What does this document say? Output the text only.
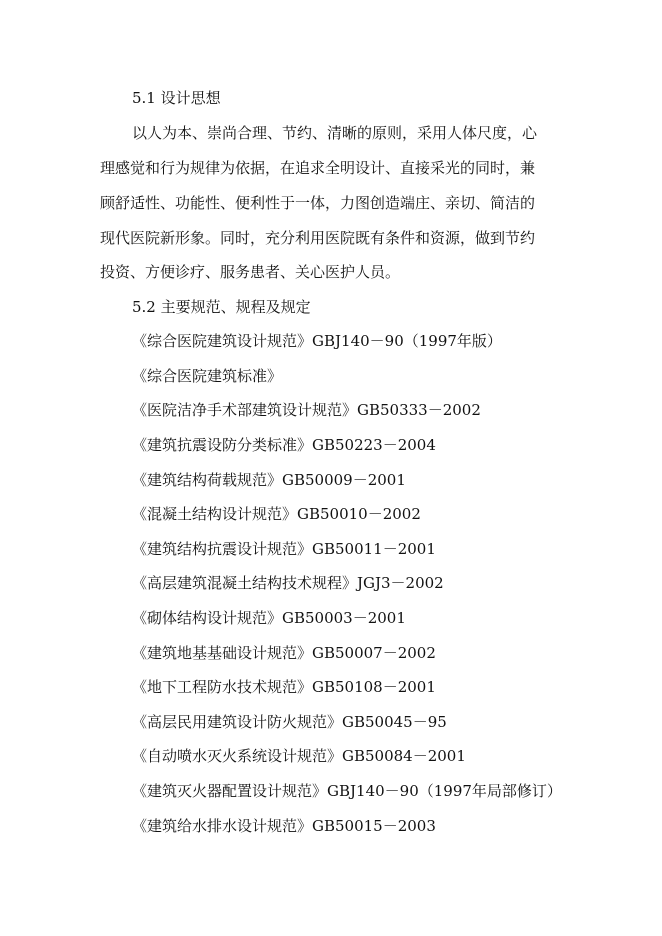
5.1 设计思想
以人为本、崇尚合理、节约、清晰的原则，采用人体尺度，心
理感觉和行为规律为依据，在追求全明设计、直接采光的同时，兼
顾舒适性、功能性、便利性于一体，力图创造端庄、亲切、简洁的
现代医院新形象。同时，充分利用医院既有条件和资源，做到节约
投资、方便诊疗、服务患者、关心医护人员。
5.2 主要规范、规程及规定
《综合医院建筑设计规范》GBJ140－90（1997年版）
《综合医院建筑标准》
《医院洁净手术部建筑设计规范》GB50333－2002
《建筑抗震设防分类标准》GB50223－2004
《建筑结构荷载规范》GB50009－2001
《混凝土结构设计规范》GB50010－2002
《建筑结构抗震设计规范》GB50011－2001
《高层建筑混凝土结构技术规程》JGJ3－2002
《砌体结构设计规范》GB50003－2001
《建筑地基基础设计规范》GB50007－2002
《地下工程防水技术规范》GB50108－2001
《高层民用建筑设计防火规范》GB50045－95
《自动喷水灭火系统设计规范》GB50084－2001
《建筑灭火器配置设计规范》GBJ140－90（1997年局部修订）
《建筑给水排水设计规范》GB50015－2003
